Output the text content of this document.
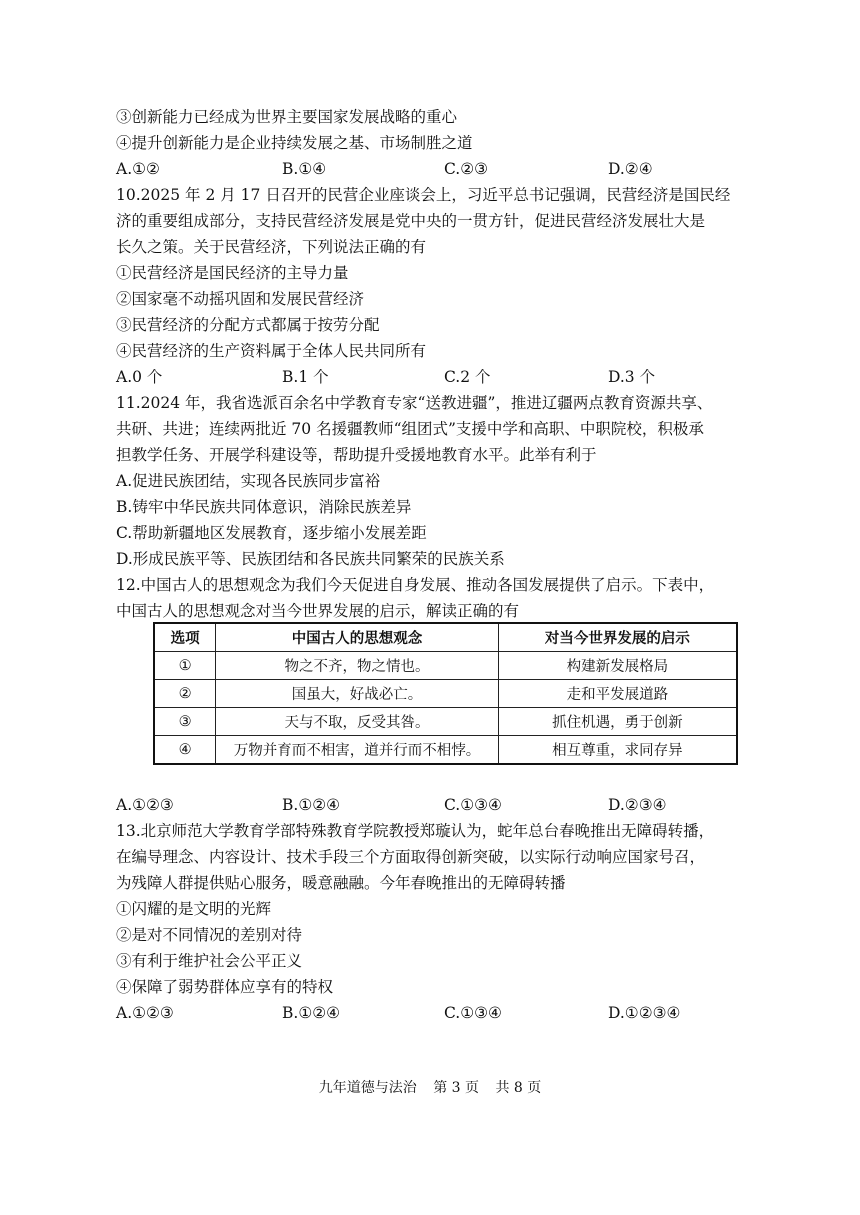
③创新能力已经成为世界主要国家发展战略的重心
④提升创新能力是企业持续发展之基、市场制胜之道
A.①②	B.①④	C.②③	D.②④
10.2025 年 2 月 17 日召开的民营企业座谈会上，习近平总书记强调，民营经济是国民经
济的重要组成部分，支持民营经济发展是党中央的一贯方针，促进民营经济发展壮大是
长久之策。关于民营经济，下列说法正确的有
①民营经济是国民经济的主导力量
②国家毫不动摇巩固和发展民营经济
③民营经济的分配方式都属于按劳分配
④民营经济的生产资料属于全体人民共同所有
A.0 个	B.1 个	C.2 个	D.3 个
11.2024 年，我省选派百余名中学教育专家“送教进疆”，推进辽疆两点教育资源共享、
共研、共进；连续两批近 70 名援疆教师“组团式”支援中学和高职、中职院校，积极承
担教学任务、开展学科建设等，帮助提升受援地教育水平。此举有利于
A.促进民族团结，实现各民族同步富裕
B.铸牢中华民族共同体意识，消除民族差异
C.帮助新疆地区发展教育，逐步缩小发展差距
D.形成民族平等、民族团结和各民族共同繁荣的民族关系
12.中国古人的思想观念为我们今天促进自身发展、推动各国发展提供了启示。下表中，
中国古人的思想观念对当今世界发展的启示，解读正确的有
选项	中国古人的思想观念	对当今世界发展的启示
①	物之不齐，物之情也。	构建新发展格局
②	国虽大，好战必亡。	走和平发展道路
③	天与不取，反受其咎。	抓住机遇，勇于创新
④	万物并育而不相害，道并行而不相悖。	相互尊重，求同存异
A.①②③	B.①②④	C.①③④	D.②③④
13.北京师范大学教育学部特殊教育学院教授郑璇认为，蛇年总台春晚推出无障碍转播，
在编导理念、内容设计、技术手段三个方面取得创新突破，以实际行动响应国家号召，
为残障人群提供贴心服务，暖意融融。今年春晚推出的无障碍转播
①闪耀的是文明的光辉
②是对不同情况的差别对待
③有利于维护社会公平正义
④保障了弱势群体应享有的特权
A.①②③	B.①②④	C.①③④	D.①②③④
九年道德与法治 第 3 页 共 8 页
